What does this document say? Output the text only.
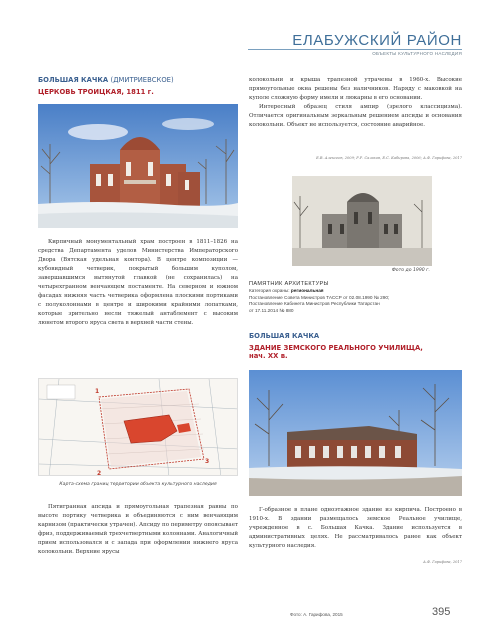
ЕЛАБУЖСКИЙ РАЙОН
ОБЪЕКТЫ КУЛЬТУРНОГО НАСЛЕДИЯ
БОЛЬШАЯ КАЧКА (ДМИТРИЕВСКОЕ)
ЦЕРКОВЬ ТРОИЦКАЯ, 1811 г.

Кирпичный монументальный храм построен в 1811–1826 на средства Департамента уделов Министерства Императорского Двора (Вятская удельная контора). В центре композиции — кубовидный четверик, покрытый большим куполом, завершавшимся вытянутой главкой (не сохранилась) на четырехгранном венчающем постаменте. На северном и южном фасадах нижняя часть четверика оформлена плоскими портиками с полуколоннами в центре и широкими крайними лопатками, которые зрительно несли тяжелый антаблемент с высоким люнетом второго яруса света в верхней части стены.

1
2
3
Карта-схема границ территории объекта культурного наследия

Пятигранная апсида и прямоугольная трапезная равны по высоте портику четверика и объединяются с ним венчающим карнизом (практически утрачен). Апсиду по периметру опоясывает фриз, поддерживаемый трехчетвертными колоннами. Аналогичный прием использовался и с запада при оформлении нижнего яруса колокольни. Верхние ярусы

колокольни и крыша трапезной утрачены в 1960-х. Высокие прямоугольные окна решены без наличников. Наряду с маковкой на куполе сложную форму имели и люкарны в его основании.

Интересный образец стиля ампир (зрелого классицизма). Отличается оригинальным зеркальным решением апсиды и основания колокольни. Объект не используется, состояние аварийное.

Е.В. Алексеев, 2009; Р.Р. Салахов, Е.С. Кабирова, 2006; А.Ф. Гарифова, 2017
Фото до 1990 г.
ПАМЯТНИК АРХИТЕКТУРЫ
Категория охраны: региональная
Постановление Совета Министров ТАССР от 02.08.1990 № 290;
Постановление Кабинета Министров Республики Татарстан
от 17.11.2014 № 880
БОЛЬШАЯ КАЧКА
ЗДАНИЕ ЗЕМСКОГО РЕАЛЬНОГО УЧИЛИЩА,
нач. XX в.

Г-образное в плане одноэтажное здание из кирпича. Построено в 1910-х. В здании размещалось земское Реальное училище, учрежденное в с. Большая Качка. Здание используется в административных целях. Не рассматривалось ранее как объект культурного наследия.

А.Ф. Гарифова, 2017
Фото: А. Гарифова, 2015	395
